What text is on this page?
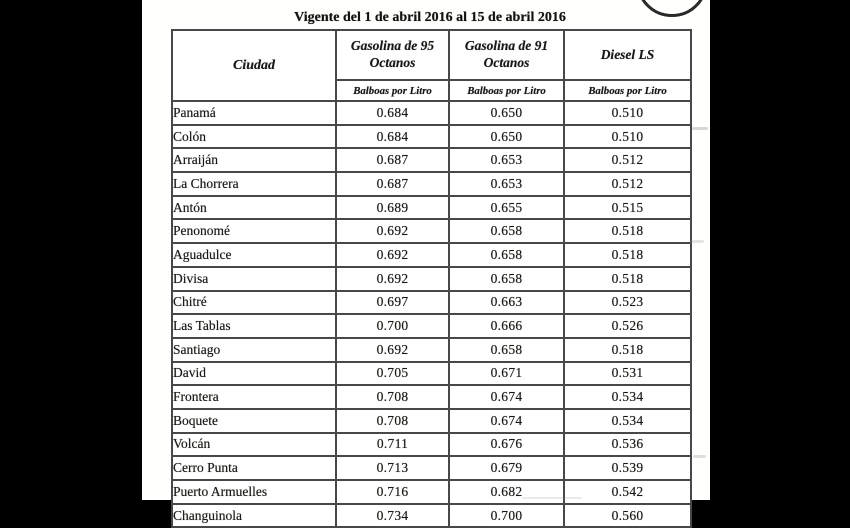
Vigente del 1 de abril 2016 al 15 de abril 2016
Ciudad	Gasolina de 95 Octanos	Gasolina de 91 Octanos	Diesel LS
	Balboas por Litro	Balboas por Litro	Balboas por Litro
Panamá	0.684	0.650	0.510
Colón	0.684	0.650	0.510
Arraiján	0.687	0.653	0.512
La Chorrera	0.687	0.653	0.512
Antón	0.689	0.655	0.515
Penonomé	0.692	0.658	0.518
Aguadulce	0.692	0.658	0.518
Divisa	0.692	0.658	0.518
Chitré	0.697	0.663	0.523
Las Tablas	0.700	0.666	0.526
Santiago	0.692	0.658	0.518
David	0.705	0.671	0.531
Frontera	0.708	0.674	0.534
Boquete	0.708	0.674	0.534
Volcán	0.711	0.676	0.536
Cerro Punta	0.713	0.679	0.539
Puerto Armuelles	0.716	0.682	0.542
Changuinola	0.734	0.700	0.560
